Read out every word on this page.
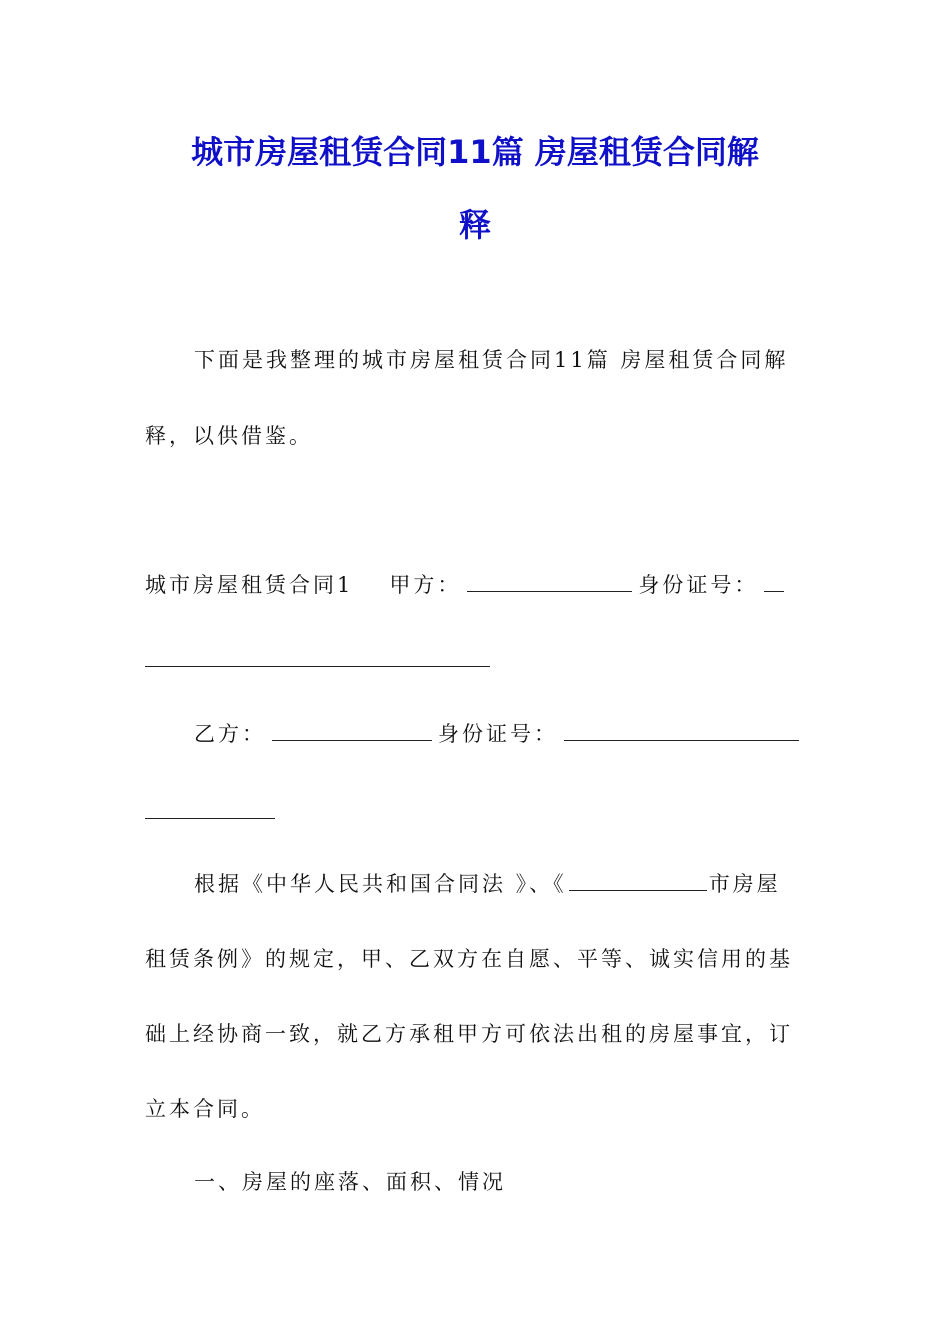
城市房屋租赁合同11篇 房屋租赁合同解
释
下面是我整理的城市房屋租赁合同11篇 房屋租赁合同解
释，以供借鉴。
城市房屋租赁合同1 甲方：	身份证号：
乙方：	身份证号：
根据《中华人民共和国合同法 》、《	市房屋
租赁条例》的规定，甲、乙双方在自愿、平等、诚实信用的基
础上经协商一致，就乙方承租甲方可依法出租的房屋事宜，订
立本合同。
一、房屋的座落、面积、情况
